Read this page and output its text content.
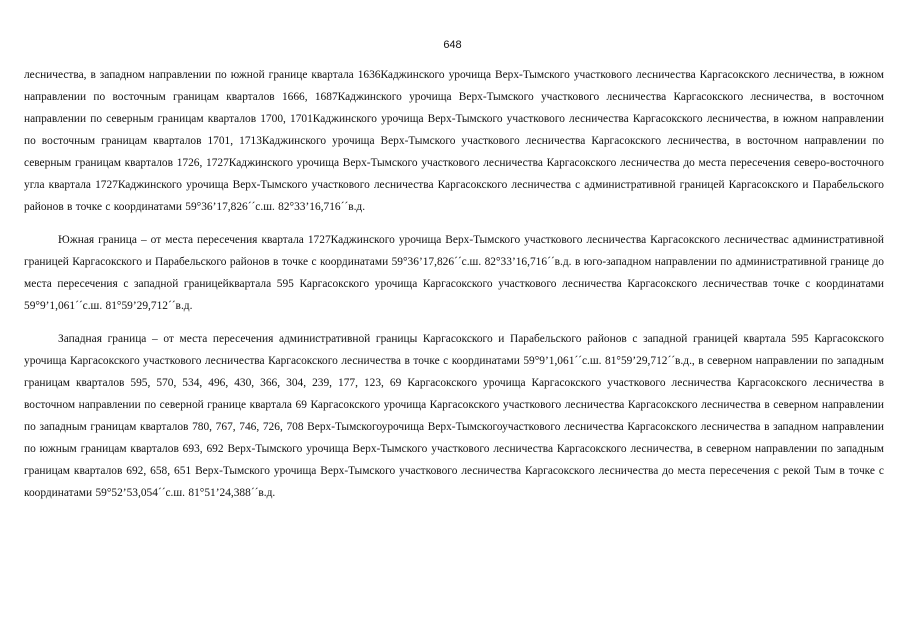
648

лесничества, в западном направлении по южной границе квартала 1636Каджинского урочища Верх-Тымского участкового лесничества Каргасокского лесничества, в южном направлении по восточным границам кварталов 1666, 1687Каджинского урочища Верх-Тымского участкового лесничества Каргасокского лесничества, в восточном направлении по северным границам кварталов 1700, 1701Каджинского урочища Верх-Тымского участкового лесничества Каргасокского лесничества, в южном направлении по восточным границам кварталов 1701, 1713Каджинского урочища Верх-Тымского участкового лесничества Каргасокского лесничества, в восточном направлении по северным границам кварталов 1726, 1727Каджинского урочища Верх-Тымского участкового лесничества Каргасокского лесничества до места пересечения северо-восточного угла квартала 1727Каджинского урочища Верх-Тымского участкового лесничества Каргасокского лесничества с административной границей Каргасокского и Парабельского районов в точке с координатами 59°36’17,826´´с.ш. 82°33’16,716´´в.д.

Южная граница – от места пересечения квартала 1727Каджинского урочища Верх-Тымского участкового лесничества Каргасокского лесничествас административной границей Каргасокского и Парабельского районов в точке с координатами 59°36’17,826´´с.ш. 82°33’16,716´´в.д. в юго-западном направлении по административной границе до места пересечения с западной границейквартала 595 Каргасокского урочища Каргасокского участкового лесничества Каргасокского лесничествав точке с координатами 59°9’1,061´´с.ш. 81°59’29,712´´в.д.

Западная граница – от места пересечения административной границы Каргасокского и Парабельского районов с западной границей квартала 595 Каргасокского урочища Каргасокского участкового лесничества Каргасокского лесничества в точке с координатами 59°9’1,061´´с.ш. 81°59’29,712´´в.д., в северном направлении по западным границам кварталов 595, 570, 534, 496, 430, 366, 304, 239, 177, 123, 69 Каргасокского урочища Каргасокского участкового лесничества Каргасокского лесничества в восточном направлении по северной границе квартала 69 Каргасокского урочища Каргасокского участкового лесничества Каргасокского лесничества в северном направлении по западным границам кварталов 780, 767, 746, 726, 708 Верх-Тымскогоурочища Верх-Тымскогоучасткового лесничества Каргасокского лесничества в западном направлении по южным границам кварталов 693, 692 Верх-Тымского урочища Верх-Тымского участкового лесничества Каргасокского лесничества, в северном направлении по западным границам кварталов 692, 658, 651 Верх-Тымского урочища Верх-Тымского участкового лесничества Каргасокского лесничества до места пересечения с рекой Тым в точке с координатами 59°52’53,054´´с.ш. 81°51’24,388´´в.д.
